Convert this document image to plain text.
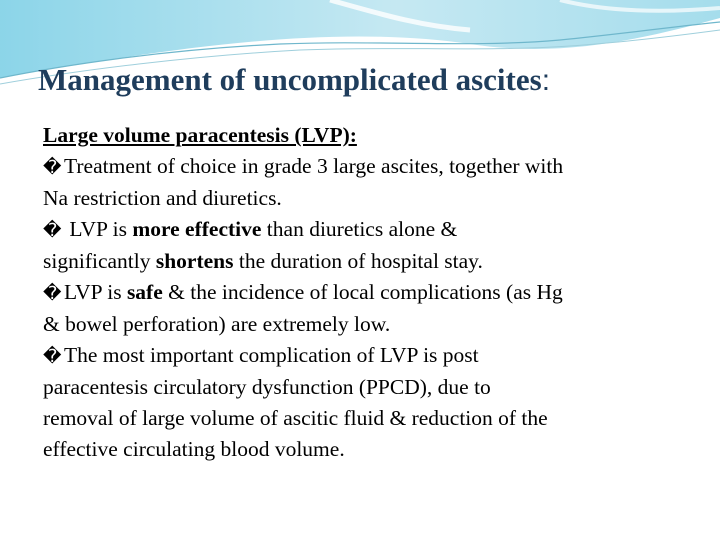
Management of uncomplicated ascites:

Large volume paracentesis (LVP):

� Treatment of choice in grade 3 large ascites, together with
Na restriction and diuretics.

� LVP is more effective than diuretics alone &
significantly shortens the duration of hospital stay.

� LVP is safe & the incidence of local complications (as Hg
& bowel perforation) are extremely low.

� The most important complication of LVP is post
paracentesis circulatory dysfunction (PPCD), due to
removal of large volume of ascitic fluid & reduction of the
effective circulating blood volume.
